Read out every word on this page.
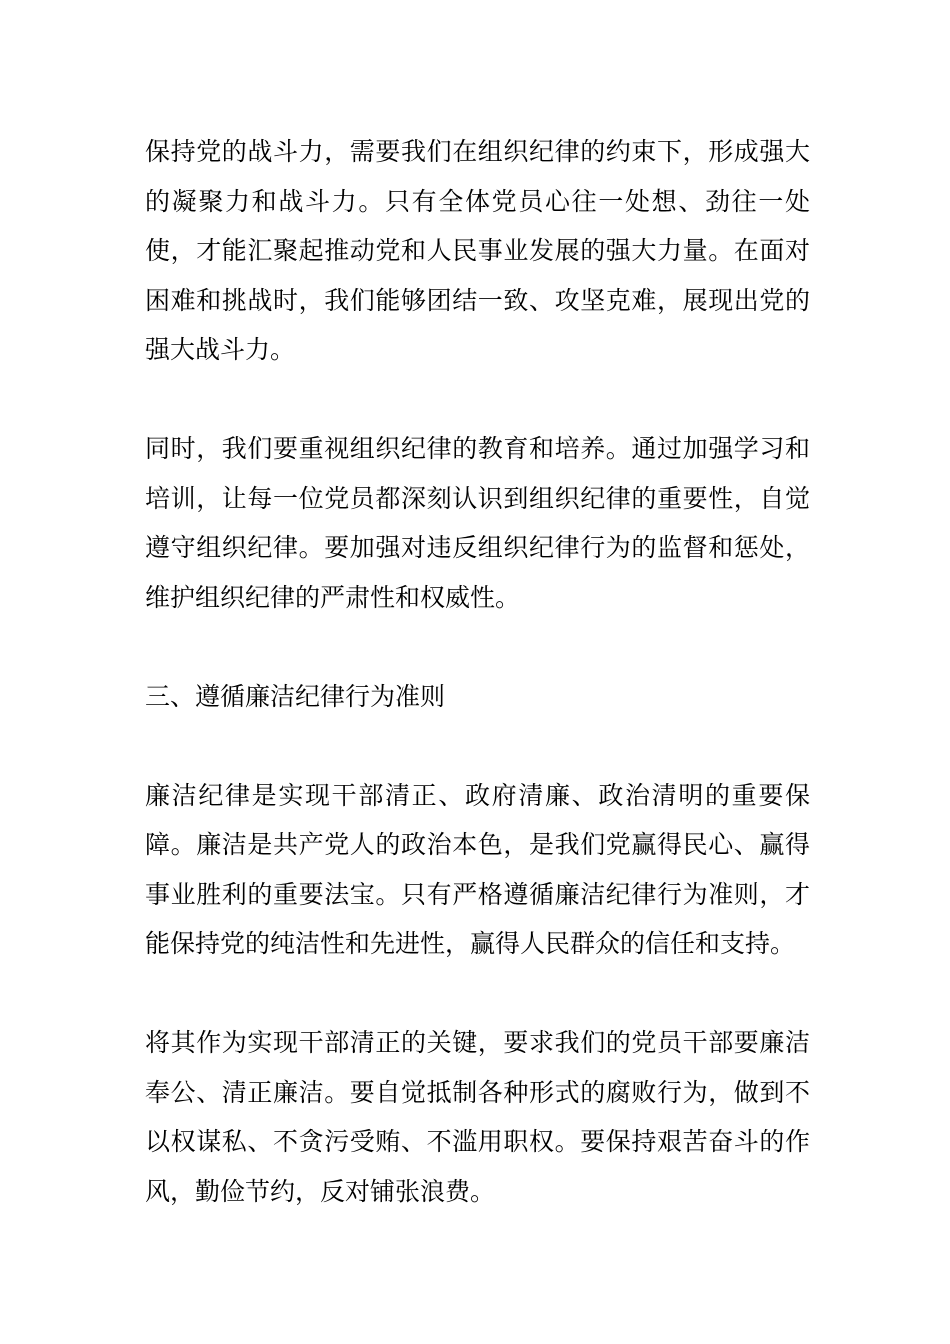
保持党的战斗力，需要我们在组织纪律的约束下，形成强大的凝聚力和战斗力。只有全体党员心往一处想、劲往一处使，才能汇聚起推动党和人民事业发展的强大力量。在面对困难和挑战时，我们能够团结一致、攻坚克难，展现出党的强大战斗力。

同时，我们要重视组织纪律的教育和培养。通过加强学习和培训，让每一位党员都深刻认识到组织纪律的重要性，自觉遵守组织纪律。要加强对违反组织纪律行为的监督和惩处，维护组织纪律的严肃性和权威性。

三、遵循廉洁纪律行为准则

廉洁纪律是实现干部清正、政府清廉、政治清明的重要保障。廉洁是共产党人的政治本色，是我们党赢得民心、赢得事业胜利的重要法宝。只有严格遵循廉洁纪律行为准则，才能保持党的纯洁性和先进性，赢得人民群众的信任和支持。

将其作为实现干部清正的关键，要求我们的党员干部要廉洁奉公、清正廉洁。要自觉抵制各种形式的腐败行为，做到不以权谋私、不贪污受贿、不滥用职权。要保持艰苦奋斗的作风，勤俭节约，反对铺张浪费。
